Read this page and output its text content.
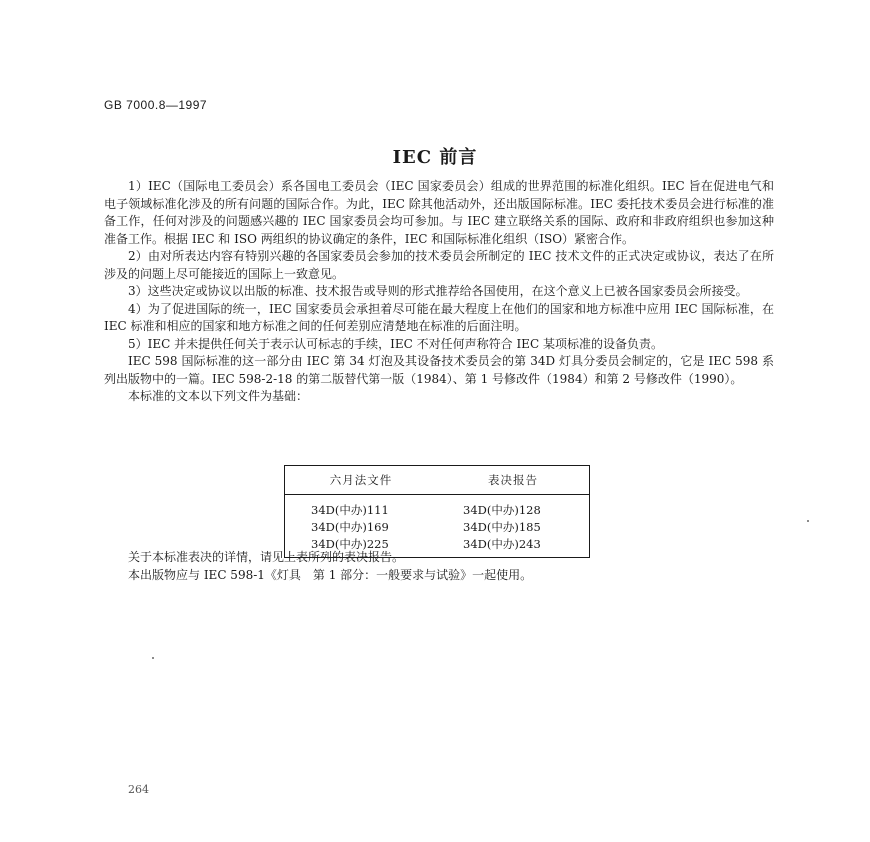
GB 7000.8—1997
IEC 前言

1）IEC（国际电工委员会）系各国电工委员会（IEC 国家委员会）组成的世界范围的标准化组织。IEC 旨在促进电气和电子领域标准化涉及的所有问题的国际合作。为此，IEC 除其他活动外，还出版国际标准。IEC 委托技术委员会进行标准的准备工作，任何对涉及的问题感兴趣的 IEC 国家委员会均可参加。与 IEC 建立联络关系的国际、政府和非政府组织也参加这种准备工作。根据 IEC 和 ISO 两组织的协议确定的条件，IEC 和国际标准化组织（ISO）紧密合作。

2）由对所表达内容有特别兴趣的各国家委员会参加的技术委员会所制定的 IEC 技术文件的正式决定或协议，表达了在所涉及的问题上尽可能接近的国际上一致意见。

3）这些决定或协议以出版的标准、技术报告或导则的形式推荐给各国使用，在这个意义上已被各国家委员会所接受。

4）为了促进国际的统一，IEC 国家委员会承担着尽可能在最大程度上在他们的国家和地方标准中应用 IEC 国际标准，在 IEC 标准和相应的国家和地方标准之间的任何差别应清楚地在标准的后面注明。

5）IEC 并未提供任何关于表示认可标志的手续，IEC 不对任何声称符合 IEC 某项标准的设备负责。

IEC 598 国际标准的这一部分由 IEC 第 34 灯泡及其设备技术委员会的第 34D 灯具分委员会制定的，它是 IEC 598 系列出版物中的一篇。IEC 598-2-18 的第二版替代第一版（1984）、第 1 号修改件（1984）和第 2 号修改件（1990）。

本标准的文本以下列文件为基础：

六月法文件	表决报告
34D(中办)111	34D(中办)128
34D(中办)169	34D(中办)185
34D(中办)225	34D(中办)243

关于本标准表决的详情，请见上表所列的表决报告。

本出版物应与 IEC 598-1《灯具　第 1 部分：一般要求与试验》一起使用。

264
